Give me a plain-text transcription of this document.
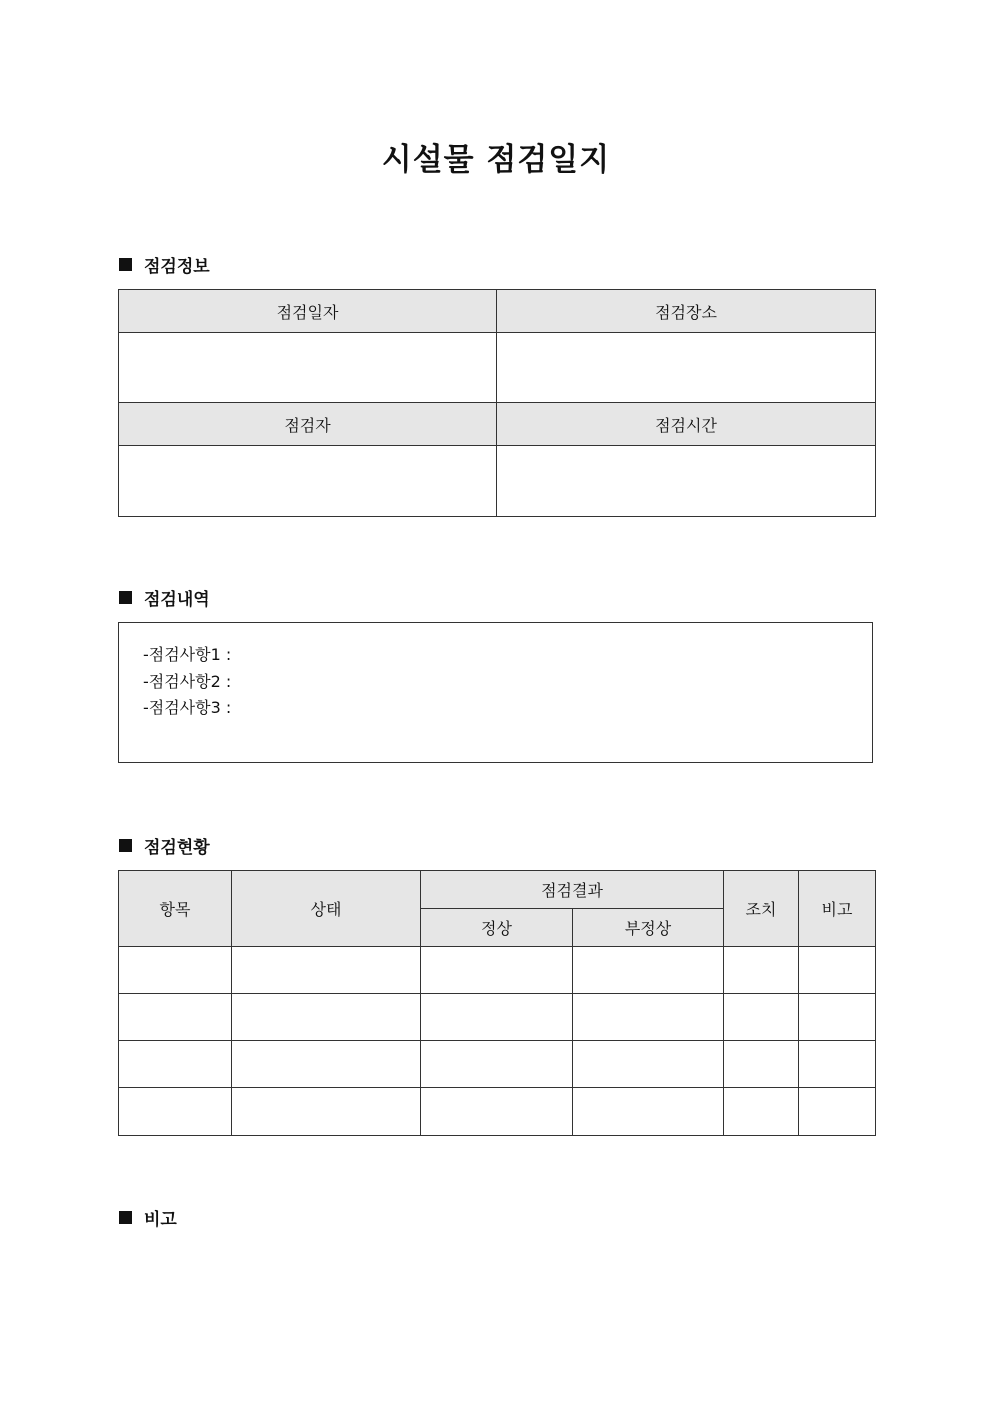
시설물 점검일지
점검정보
점검일자	점검장소

점검자	점검시간

점검내역
-점검사항1 :
-점검사항2 :
-점검사항3 :
점검현황
항목	상태	점검결과		조치	비고
		정상	부정상		

비고
